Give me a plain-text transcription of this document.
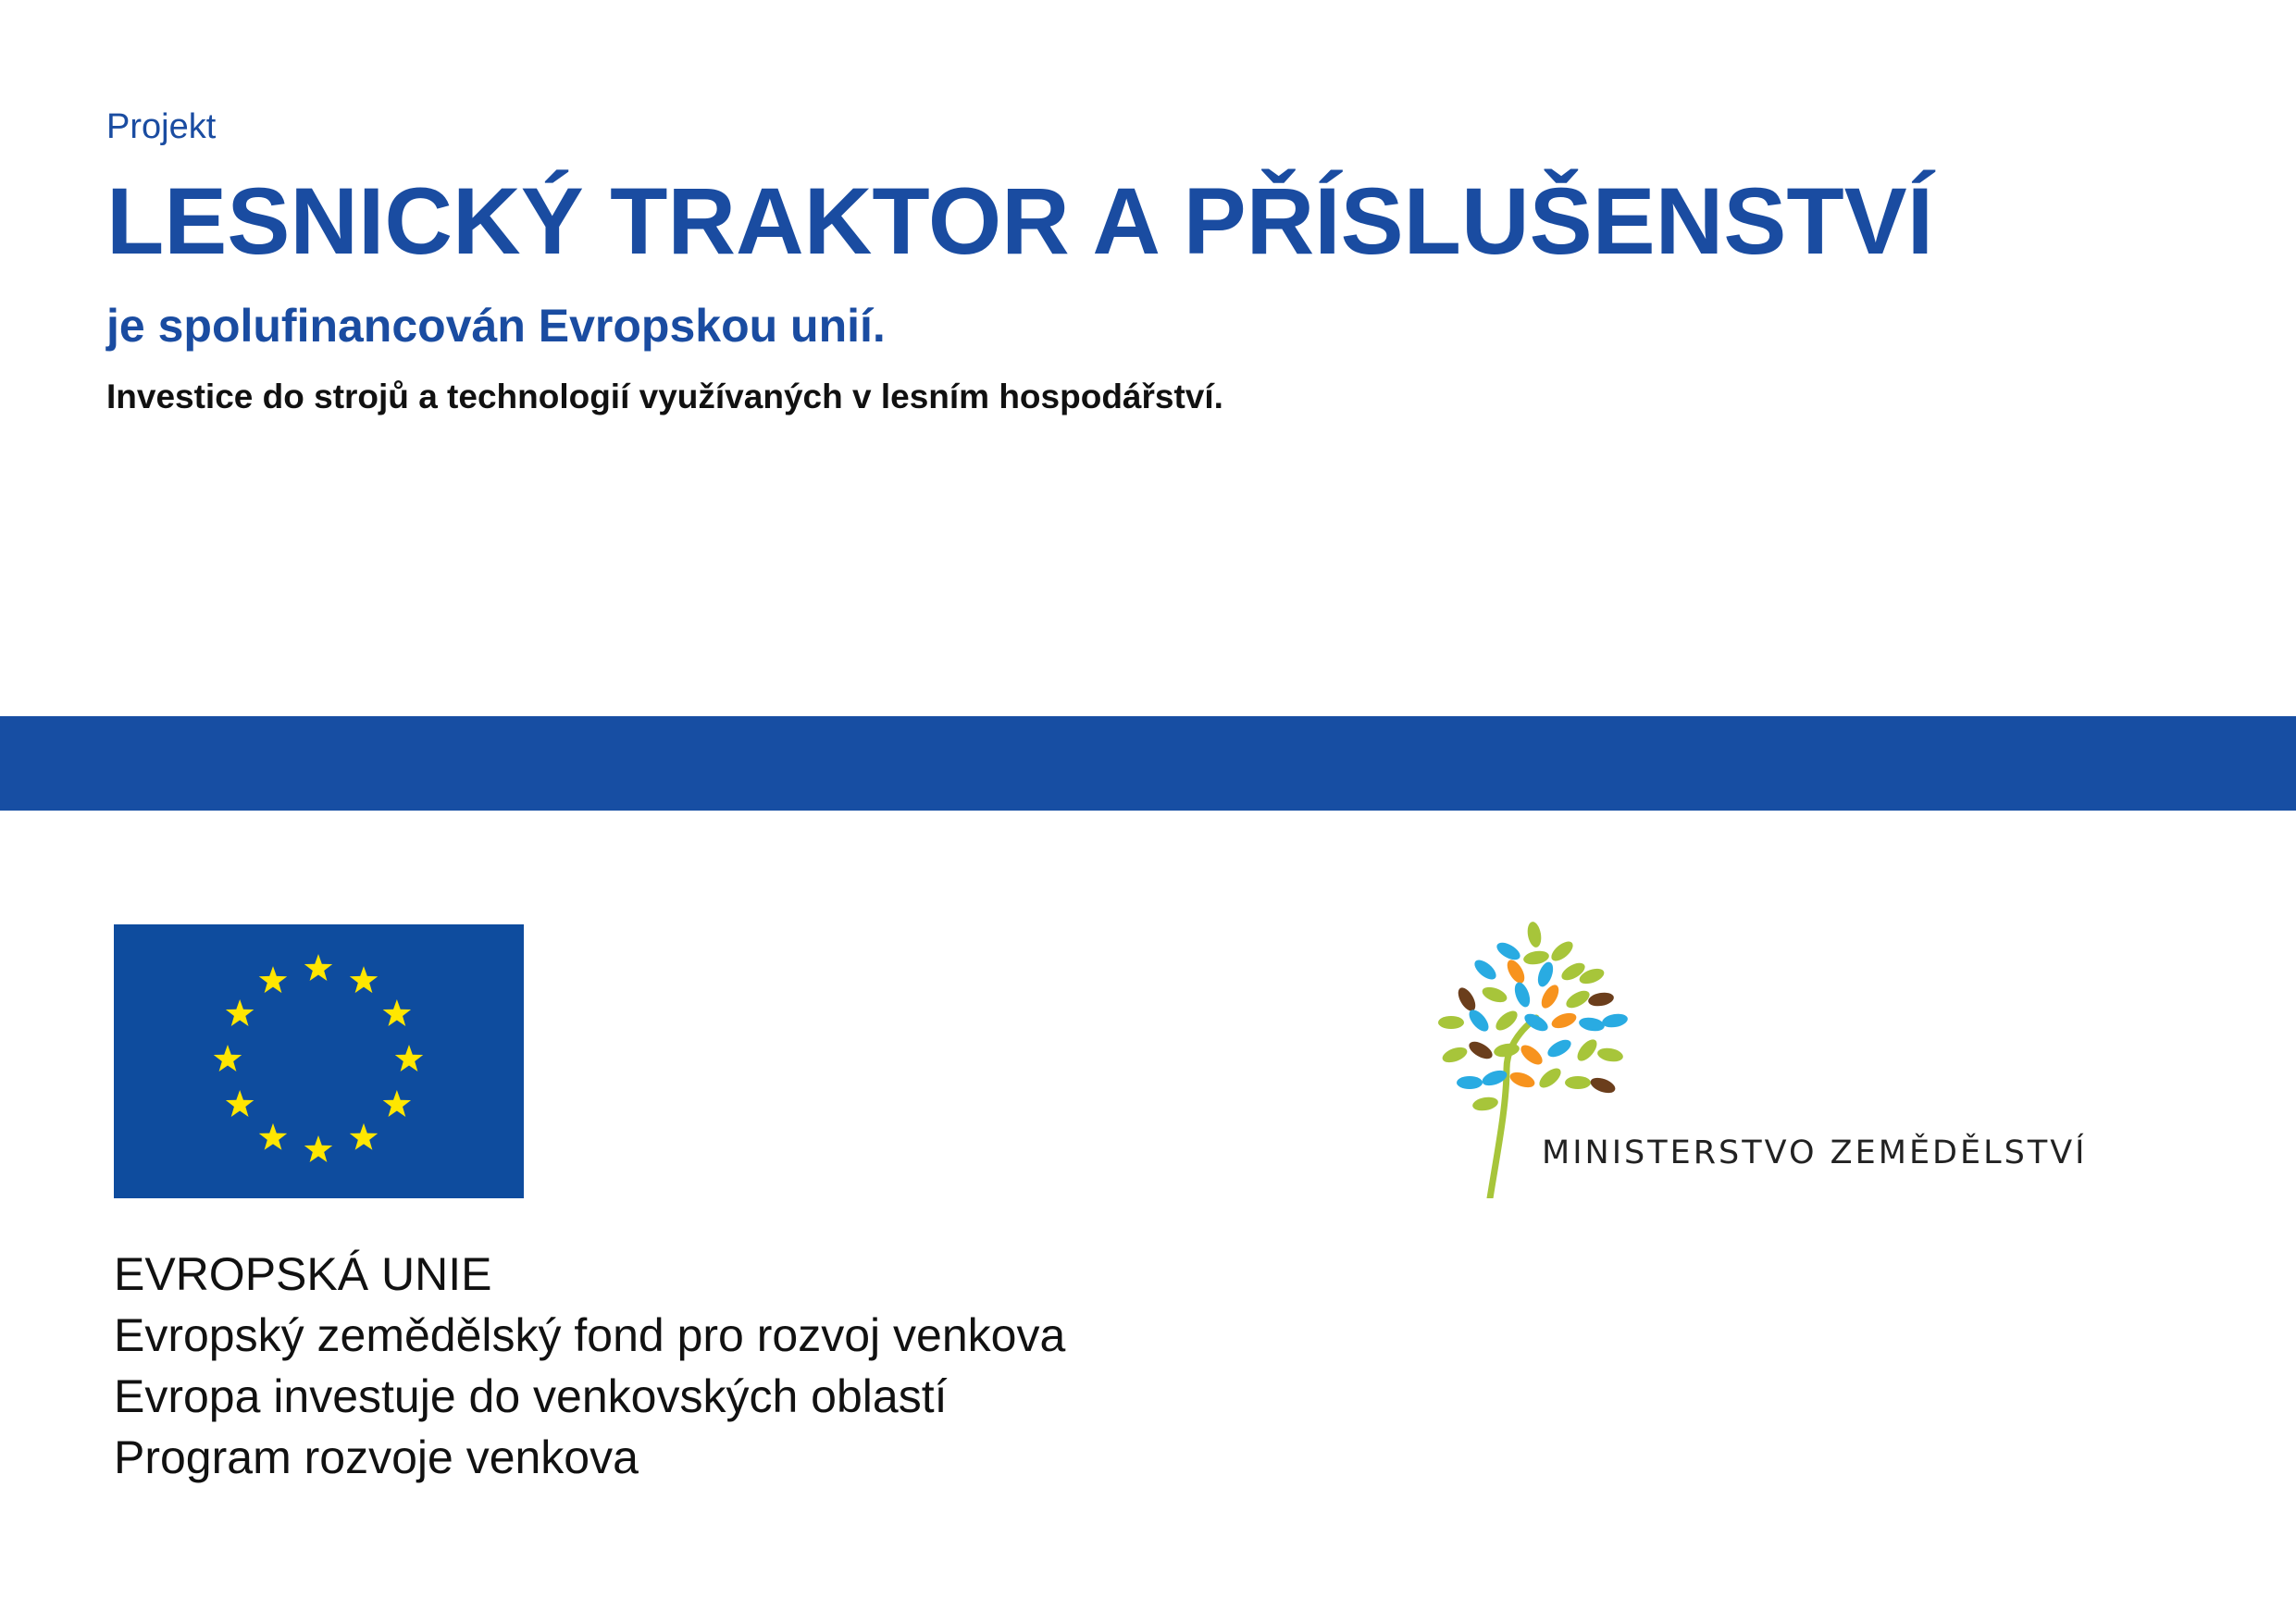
Projekt
LESNICKÝ TRAKTOR A PŘÍSLUŠENSTVÍ
je spolufinancován Evropskou unií.
Investice do strojů a technologií využívaných v lesním hospodářství.
EVROPSKÁ UNIE
Evropský zemědělský fond pro rozvoj venkova
Evropa investuje do venkovských oblastí
Program rozvoje venkova
MINISTERSTVO ZEMĚDĚLSTVÍ
